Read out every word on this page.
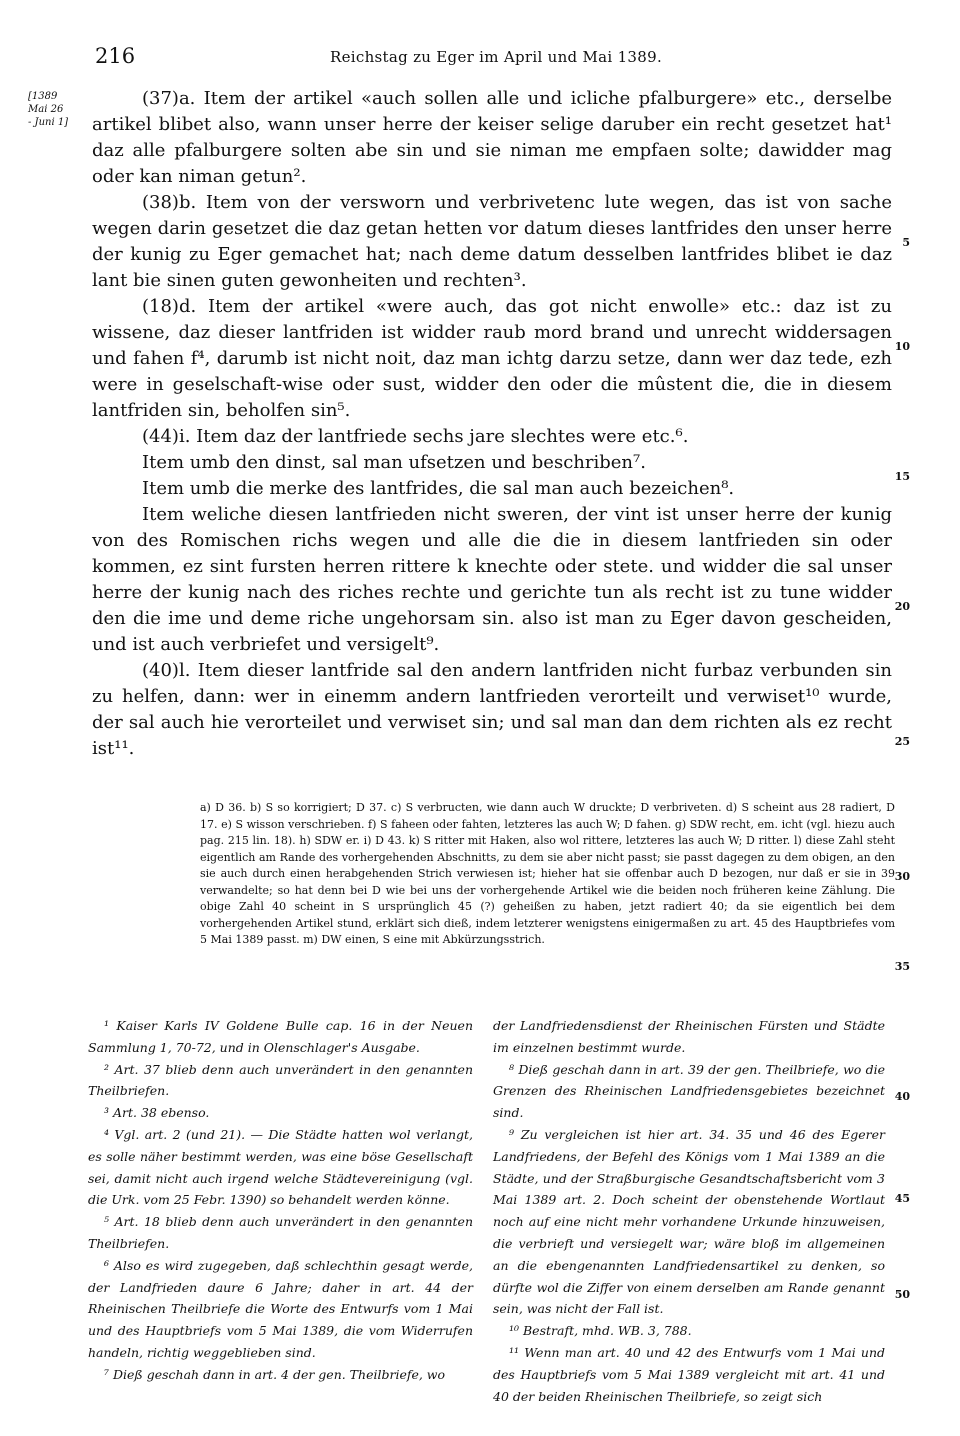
216	Reichstag zu Eger im April und Mai 1389.
[1389
Mai 26
- Juni 1]

(37)a. Item der artikel «auch sollen alle und icliche pfalburgere» etc., derselbe artikel blibet also, wann unser herre der keiser selige daruber ein recht gesetzet hat¹ daz alle pfalburgere solten abe sin und sie niman me empfaen solte; dawidder mag oder kan niman getun².

(38)b. Item von der versworn und verbrivetenc lute wegen, das ist von sache wegen darin gesetzet die daz getan hetten vor datum dieses lantfrides den unser herre der kunig zu Eger gemachet hat; nach deme datum desselben lantfrides blibet ie daz lant bie sinen guten gewonheiten und rechten³.

(18)d. Item der artikel «were auch, das got nicht enwolle» etc.: daz ist zu wissene, daz dieser lantfriden ist widder raub mord brand und unrecht widdersagen und fahen f⁴, darumb ist nicht noit, daz man ichtg darzu setze, dann wer daz tede, ezh were in geselschaft-wise oder sust, widder den oder die mûstent die, die in diesem lantfriden sin, beholfen sin⁵.

(44)i. Item daz der lantfriede sechs jare slechtes were etc.⁶.

Item umb den dinst, sal man ufsetzen und beschriben⁷.

Item umb die merke des lantfrides, die sal man auch bezeichen⁸.

Item weliche diesen lantfrieden nicht sweren, der vint ist unser herre der kunig von des Romischen richs wegen und alle die die in diesem lantfrieden sin oder kommen, ez sint fursten herren rittere k knechte oder stete. und widder die sal unser herre der kunig nach des riches rechte und gerichte tun als recht ist zu tune widder den die ime und deme riche ungehorsam sin. also ist man zu Eger davon gescheiden, und ist auch verbriefet und versigelt⁹.

(40)l. Item dieser lantfride sal den andern lantfriden nicht furbaz verbunden sin zu helfen, dann: wer in einemm andern lantfrieden verorteilt und verwiset¹⁰ wurde, der sal auch hie verorteilet und verwiset sin; und sal man dan dem richten als ez recht ist¹¹.

5
10
15
20
25
30
35
40
45
50

a) D 36. b) S so korrigiert; D 37. c) S verbructen, wie dann auch W druckte; D verbriveten. d) S scheint aus 28 radiert, D 17. e) S wisson verschrieben. f) S faheen oder fahten, letzteres las auch W; D fahen. g) SDW recht, em. icht (vgl. hiezu auch pag. 215 lin. 18). h) SDW er. i) D 43. k) S ritter mit Haken, also wol rittere, letzteres las auch W; D ritter. l) diese Zahl steht eigentlich am Rande des vorhergehenden Abschnitts, zu dem sie aber nicht passt; sie passt dagegen zu dem obigen, an den sie auch durch einen herabgehenden Strich verwiesen ist; hieher hat sie offenbar auch D bezogen, nur daß er sie in 39 verwandelte; so hat denn bei D wie bei uns der vorhergehende Artikel wie die beiden noch früheren keine Zählung. Die obige Zahl 40 scheint in S ursprünglich 45 (?) geheißen zu haben, jetzt radiert 40; da sie eigentlich bei dem vorhergehenden Artikel stund, erklärt sich dieß, indem letzterer wenigstens einigermaßen zu art. 45 des Hauptbriefes vom 5 Mai 1389 passt. m) DW einen, S eine mit Abkürzungsstrich.

¹ Kaiser Karls IV Goldene Bulle cap. 16 in der Neuen Sammlung 1, 70-72, und in Olenschlager's Ausgabe.

² Art. 37 blieb denn auch unverändert in den genannten Theilbriefen.

³ Art. 38 ebenso.

⁴ Vgl. art. 2 (und 21). — Die Städte hatten wol verlangt, es solle näher bestimmt werden, was eine böse Gesellschaft sei, damit nicht auch irgend welche Städtevereinigung (vgl. die Urk. vom 25 Febr. 1390) so behandelt werden könne.

⁵ Art. 18 blieb denn auch unverändert in den genannten Theilbriefen.

⁶ Also es wird zugegeben, daß schlechthin gesagt werde, der Landfrieden daure 6 Jahre; daher in art. 44 der Rheinischen Theilbriefe die Worte des Entwurfs vom 1 Mai und des Hauptbriefs vom 5 Mai 1389, die vom Widerrufen handeln, richtig weggeblieben sind.

⁷ Dieß geschah dann in art. 4 der gen. Theilbriefe, wo

der Landfriedensdienst der Rheinischen Fürsten und Städte im einzelnen bestimmt wurde.

⁸ Dieß geschah dann in art. 39 der gen. Theilbriefe, wo die Grenzen des Rheinischen Landfriedensgebietes bezeichnet sind.

⁹ Zu vergleichen ist hier art. 34. 35 und 46 des Egerer Landfriedens, der Befehl des Königs vom 1 Mai 1389 an die Städte, und der Straßburgische Gesandtschaftsbericht vom 3 Mai 1389 art. 2. Doch scheint der obenstehende Wortlaut noch auf eine nicht mehr vorhandene Urkunde hinzuweisen, die verbrieft und versiegelt war; wäre bloß im allgemeinen an die ebengenannten Landfriedensartikel zu denken, so dürfte wol die Ziffer von einem derselben am Rande genannt sein, was nicht der Fall ist.

¹⁰ Bestraft, mhd. WB. 3, 788.

¹¹ Wenn man art. 40 und 42 des Entwurfs vom 1 Mai und des Hauptbriefs vom 5 Mai 1389 vergleicht mit art. 41 und 40 der beiden Rheinischen Theilbriefe, so zeigt sich
